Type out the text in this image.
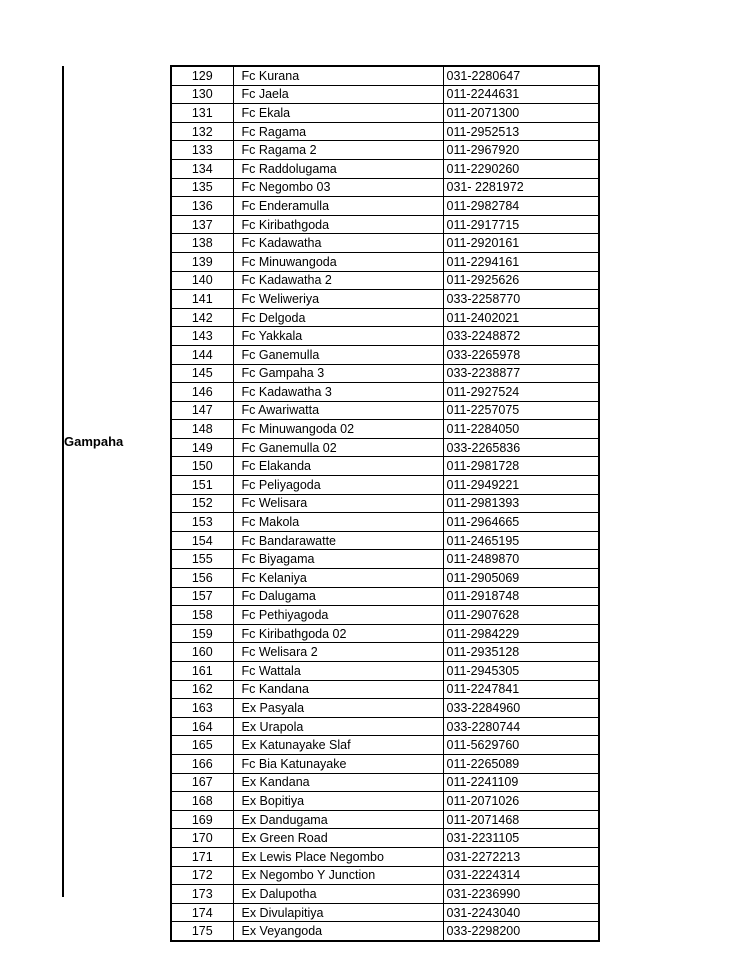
Gampaha
129	Fc Kurana	031-2280647
130	Fc Jaela	011-2244631
131	Fc Ekala	011-2071300
132	Fc Ragama	011-2952513
133	Fc Ragama 2	011-2967920
134	Fc Raddolugama	011-2290260
135	Fc Negombo 03	031- 2281972
136	Fc Enderamulla	011-2982784
137	Fc Kiribathgoda	011-2917715
138	Fc Kadawatha	011-2920161
139	Fc Minuwangoda	011-2294161
140	Fc Kadawatha 2	011-2925626
141	Fc Weliweriya	033-2258770
142	Fc Delgoda	011-2402021
143	Fc Yakkala	033-2248872
144	Fc Ganemulla	033-2265978
145	Fc Gampaha 3	033-2238877
146	Fc Kadawatha 3	011-2927524
147	Fc Awariwatta	011-2257075
148	Fc Minuwangoda 02	011-2284050
149	Fc Ganemulla 02	033-2265836
150	Fc Elakanda	011-2981728
151	Fc Peliyagoda	011-2949221
152	Fc Welisara	011-2981393
153	Fc Makola	011-2964665
154	Fc Bandarawatte	011-2465195
155	Fc Biyagama	011-2489870
156	Fc Kelaniya	011-2905069
157	Fc Dalugama	011-2918748
158	Fc Pethiyagoda	011-2907628
159	Fc Kiribathgoda 02	011-2984229
160	Fc Welisara 2	011-2935128
161	Fc Wattala	011-2945305
162	Fc Kandana	011-2247841
163	Ex Pasyala	033-2284960
164	Ex Urapola	033-2280744
165	Ex Katunayake Slaf	011-5629760
166	Fc Bia Katunayake	011-2265089
167	Ex Kandana	011-2241109
168	Ex Bopitiya	011-2071026
169	Ex Dandugama	011-2071468
170	Ex Green Road	031-2231105
171	Ex Lewis Place Negombo	031-2272213
172	Ex Negombo Y Junction	031-2224314
173	Ex Dalupotha	031-2236990
174	Ex Divulapitiya	031-2243040
175	Ex Veyangoda	033-2298200
